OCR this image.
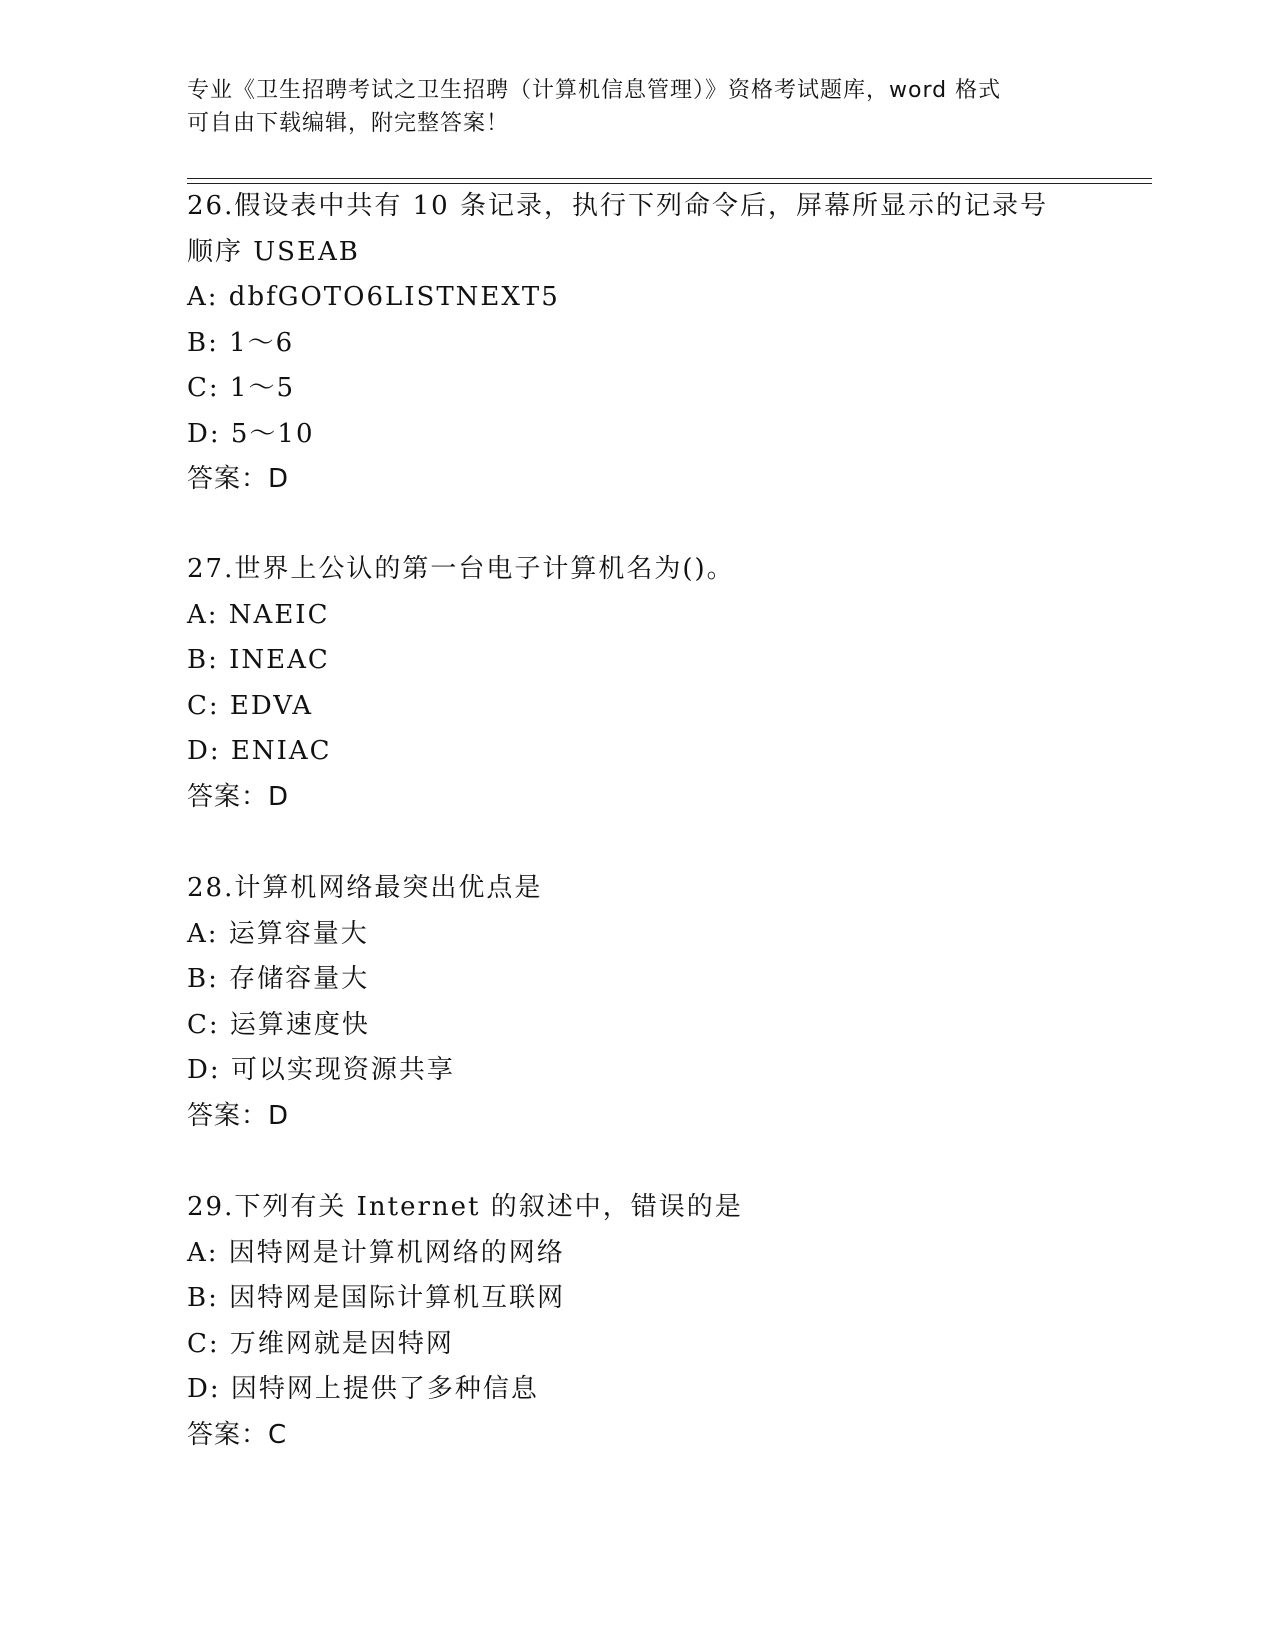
专业《卫生招聘考试之卫生招聘（计算机信息管理）》资格考试题库，word 格式
可自由下载编辑，附完整答案！
26.假设表中共有 10 条记录，执行下列命令后，屏幕所显示的记录号
顺序 USEAB
A: dbfGOTO6LISTNEXT5
B: 1～6
C: 1～5
D: 5～10
答案：D
27.世界上公认的第一台电子计算机名为()。
A: NAEIC
B: INEAC
C: EDVA
D: ENIAC
答案：D
28.计算机网络最突出优点是
A: 运算容量大
B: 存储容量大
C: 运算速度快
D: 可以实现资源共享
答案：D
29.下列有关 Internet 的叙述中，错误的是
A: 因特网是计算机网络的网络
B: 因特网是国际计算机互联网
C: 万维网就是因特网
D: 因特网上提供了多种信息
答案：C
